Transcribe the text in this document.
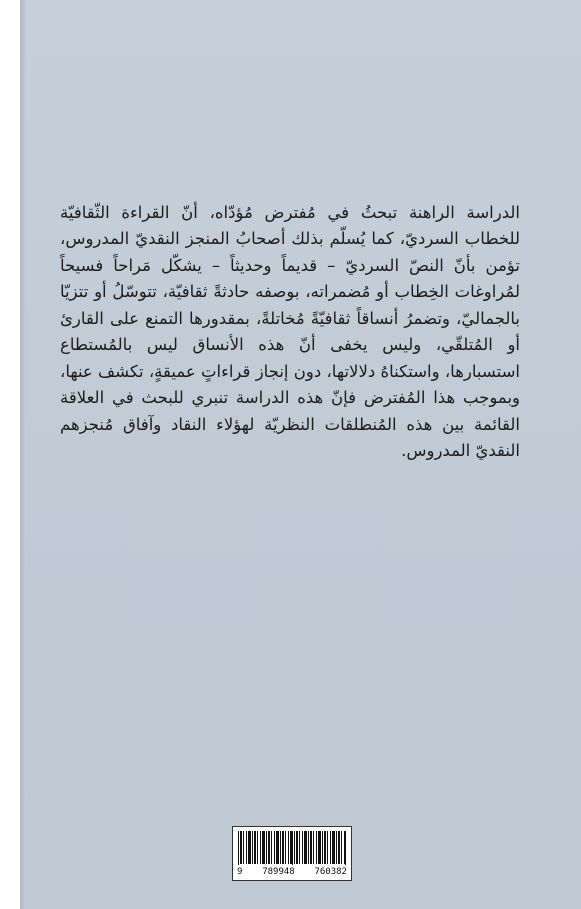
الدراسة الراهنة تبحثُ في مُفترض مُؤدّاه، أنّ القراءة الثّقافيّة للخطاب السرديّ، كما يُسلّم بذلك أصحابُ المنجز النقديّ المدروس، تؤمن بأنّ النصّ السرديّ – قديماً وحديثاً – يشكّل مَراحاً فسيحاً لمُراوغات الخِطاب أو مُضمراته، بوصفه حادثةً ثقافيّة، تتوسّلُ أو تتزيّا بالجماليّ، وتضمرُ أنساقاً ثقافيّةً مُخاتلةً، بمقدورها التمنع على القارئ أو المُتلقّي، وليس يخفى أنّ هذه الأنساق ليس بالمُستطاع استسبارها، واستكناهُ دلالاتها، دون إنجاز قراءاتٍ عميقةٍ، تكشف عنها، وبموجب هذا المُفترض فإنّ هذه الدراسة تنبري للبحث في العلاقة القائمة بين هذه المُنطلقات النظريّة لهؤلاء النقاد وآفاق مُنجزهم النقديّ المدروس.

9 789948 760382
